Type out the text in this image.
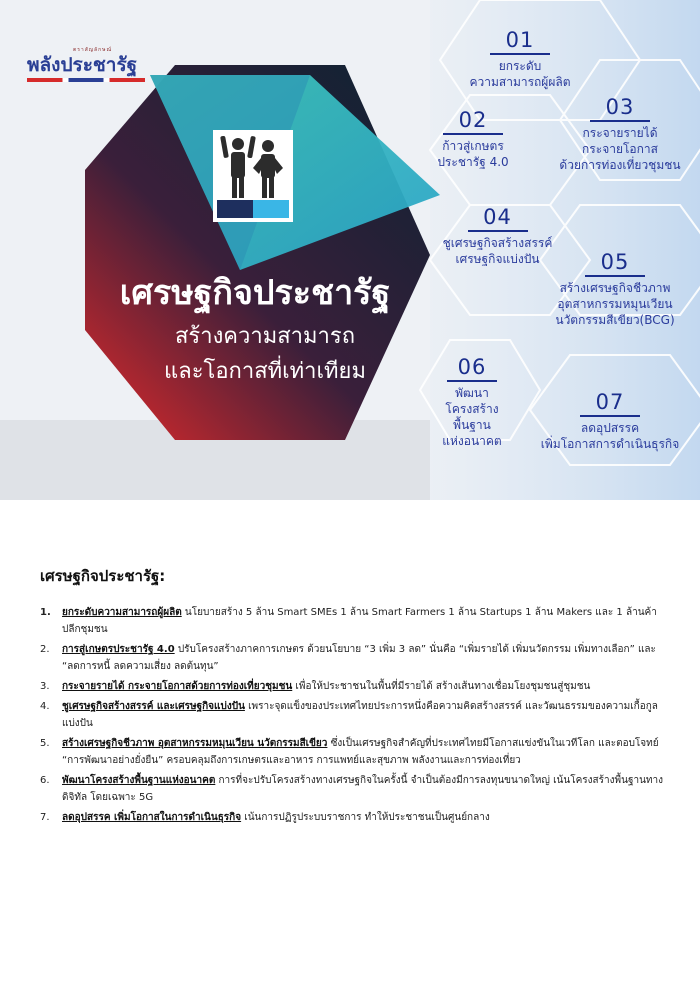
ตราสัญลักษณ์
พลังประชารัฐ
เศรษฐกิจประชารัฐ
สร้างความสามารถ
และโอกาสที่เท่าเทียม
01
ยกระดับ
ความสามารถผู้ผลิต
02
ก้าวสู่เกษตร
ประชารัฐ 4.0
03
กระจายรายได้
กระจายโอกาส
ด้วยการท่องเที่ยวชุมชน
04
ชูเศรษฐกิจสร้างสรรค์
เศรษฐกิจแบ่งปัน	05
สร้างเศรษฐกิจชีวภาพ
อุตสาหกรรมหมุนเวียน
นวัตกรรมสีเขียว(BCG)
06
พัฒนา
โครงสร้าง
พื้นฐาน
แห่งอนาคต
07
ลดอุปสรรค
เพิ่มโอกาสการดำเนินธุรกิจ
เศรษฐกิจประชารัฐ:
1. ยกระดับความสามารถผู้ผลิต นโยบายสร้าง 5 ล้าน Smart SMEs 1 ล้าน Smart Farmers 1 ล้าน Startups 1 ล้าน Makers และ 1 ล้านค้าปลีกชุมชน
2. การสู่เกษตรประชารัฐ 4.0 ปรับโครงสร้างภาคการเกษตร ด้วยนโยบาย “3 เพิ่ม 3 ลด” นั่นคือ “เพิ่มรายได้ เพิ่มนวัตกรรม เพิ่มทางเลือก” และ “ลดการหนี้ ลดความเสี่ยง ลดต้นทุน”
3. กระจายรายได้ กระจายโอกาสด้วยการท่องเที่ยวชุมชน เพื่อให้ประชาชนในพื้นที่มีรายได้ สร้างเส้นทางเชื่อมโยงชุมชนสู่ชุมชน
4. ชูเศรษฐกิจสร้างสรรค์ และเศรษฐกิจแบ่งปัน เพราะจุดแข็งของประเทศไทยประการหนึ่งคือความคิดสร้างสรรค์ และวัฒนธรรมของความเกื้อกูลแบ่งปัน
5. สร้างเศรษฐกิจชีวภาพ อุตสาหกรรมหมุนเวียน นวัตกรรมสีเขียว ซึ่งเป็นเศรษฐกิจสำคัญที่ประเทศไทยมีโอกาสแข่งขันในเวทีโลก และตอบโจทย์ “การพัฒนาอย่างยั่งยืน” ครอบคลุมถึงการเกษตรและอาหาร การแพทย์และสุขภาพ พลังงานและการท่องเที่ยว
6. พัฒนาโครงสร้างพื้นฐานแห่งอนาคต การที่จะปรับโครงสร้างทางเศรษฐกิจในครั้งนี้ จำเป็นต้องมีการลงทุนขนาดใหญ่ เน้นโครงสร้างพื้นฐานทางดิจิทัล โดยเฉพาะ 5G
7. ลดอุปสรรค เพิ่มโอกาสในการดำเนินธุรกิจ เน้นการปฏิรูประบบราชการ ทำให้ประชาชนเป็นศูนย์กลาง
